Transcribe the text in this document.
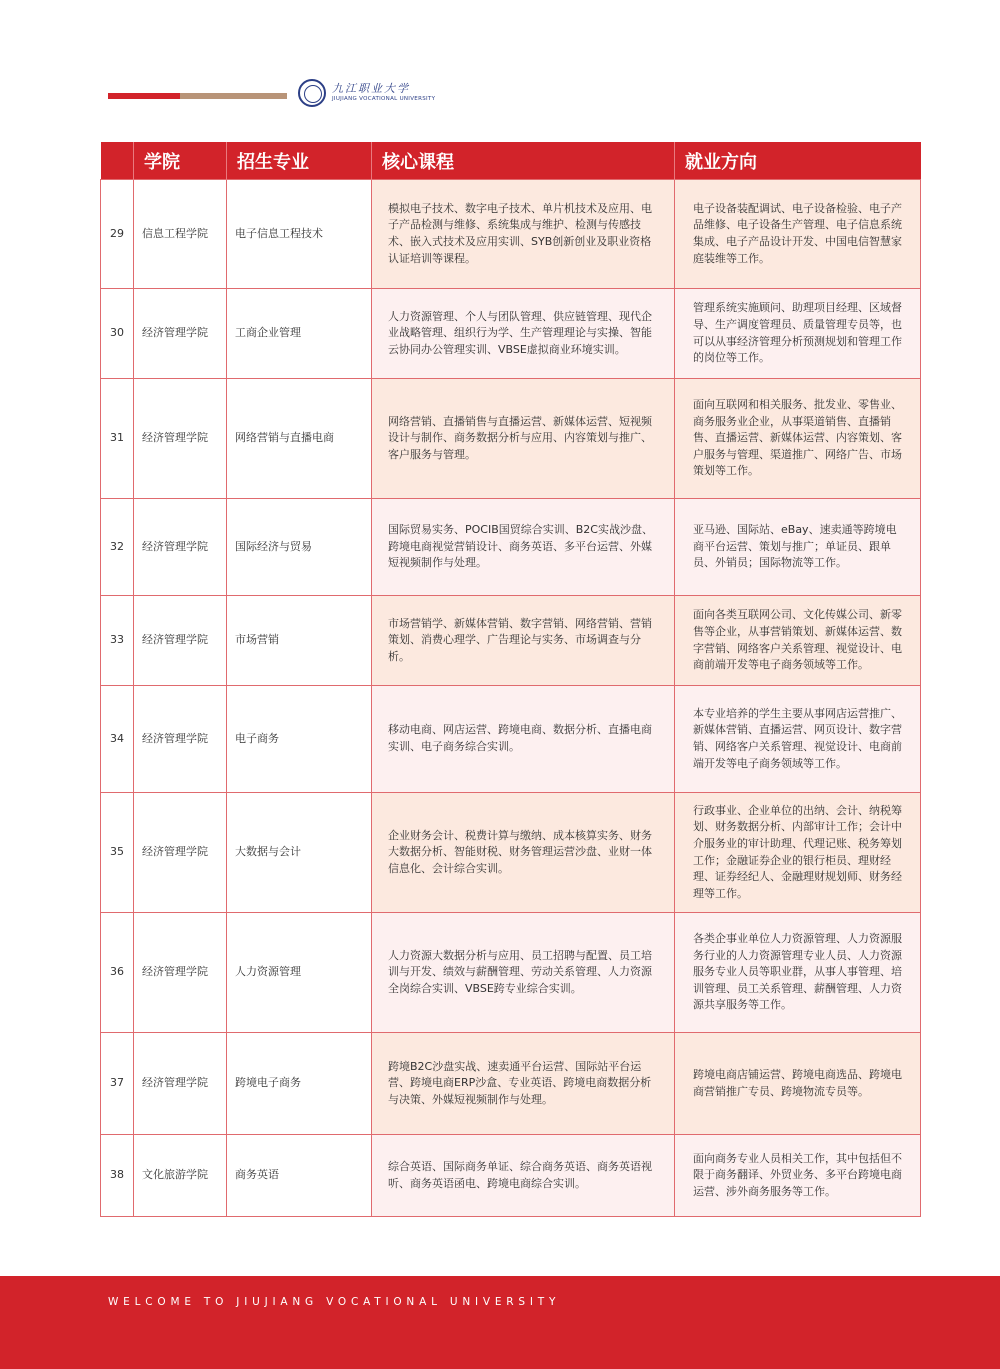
九江职业大学
JIUJIANG VOCATIONAL UNIVERSITY
	学院	招生专业	核心课程	就业方向
29	信息工程学院	电子信息工程技术	模拟电子技术、数字电子技术、单片机技术及应用、电子产品检测与维修、系统集成与维护、检测与传感技术、嵌入式技术及应用实训、SYB创新创业及职业资格认证培训等课程。	电子设备装配调试、电子设备检验、电子产品维修、电子设备生产管理、电子信息系统集成、电子产品设计开发、中国电信智慧家庭装维等工作。

30	经济管理学院	工商企业管理	人力资源管理、个人与团队管理、供应链管理、现代企业战略管理、组织行为学、生产管理理论与实操、智能云协同办公管理实训、VBSE虚拟商业环境实训。	管理系统实施顾问、助理项目经理、区域督导、生产调度管理员、质量管理专员等，也可以从事经济管理分析预测规划和管理工作的岗位等工作。

31	经济管理学院	网络营销与直播电商	网络营销、直播销售与直播运营、新媒体运营、短视频设计与制作、商务数据分析与应用、内容策划与推广、客户服务与管理。	面向互联网和相关服务、批发业、零售业、商务服务业企业，从事渠道销售、直播销售、直播运营、新媒体运营、内容策划、客户服务与管理、渠道推广、网络广告、市场策划等工作。

32	经济管理学院	国际经济与贸易	国际贸易实务、POCIB国贸综合实训、B2C实战沙盘、跨境电商视觉营销设计、商务英语、多平台运营、外媒短视频制作与处理。	亚马逊、国际站、eBay、速卖通等跨境电商平台运营、策划与推广；单证员、跟单员、外销员；国际物流等工作。

33	经济管理学院	市场营销	市场营销学、新媒体营销、数字营销、网络营销、营销策划、消费心理学、广告理论与实务、市场调查与分析。	面向各类互联网公司、文化传媒公司、新零售等企业，从事营销策划、新媒体运营、数字营销、网络客户关系管理、视觉设计、电商前端开发等电子商务领域等工作。

34	经济管理学院	电子商务	移动电商、网店运营、跨境电商、数据分析、直播电商实训、电子商务综合实训。	本专业培养的学生主要从事网店运营推广、新媒体营销、直播运营、网页设计、数字营销、网络客户关系管理、视觉设计、电商前端开发等电子商务领域等工作。

35	经济管理学院	大数据与会计	企业财务会计、税费计算与缴纳、成本核算实务、财务大数据分析、智能财税、财务管理运营沙盘、业财一体信息化、会计综合实训。	行政事业、企业单位的出纳、会计、纳税筹划、财务数据分析、内部审计工作；会计中介服务业的审计助理、代理记账、税务筹划工作；金融证券企业的银行柜员、理财经理、证券经纪人、金融理财规划师、财务经理等工作。

36	经济管理学院	人力资源管理	人力资源大数据分析与应用、员工招聘与配置、员工培训与开发、绩效与薪酬管理、劳动关系管理、人力资源全岗综合实训、VBSE跨专业综合实训。	各类企事业单位人力资源管理、人力资源服务行业的人力资源管理专业人员、人力资源服务专业人员等职业群，从事人事管理、培训管理、员工关系管理、薪酬管理、人力资源共享服务等工作。

37	经济管理学院	跨境电子商务	跨境B2C沙盘实战、速卖通平台运营、国际站平台运营、跨境电商ERP沙盒、专业英语、跨境电商数据分析与决策、外媒短视频制作与处理。	跨境电商店铺运营、跨境电商选品、跨境电商营销推广专员、跨境物流专员等。

38	文化旅游学院	商务英语	综合英语、国际商务单证、综合商务英语、商务英语视听、商务英语函电、跨境电商综合实训。	面向商务专业人员相关工作，其中包括但不限于商务翻译、外贸业务、多平台跨境电商运营、涉外商务服务等工作。
WELCOME TO JIUJIANG VOCATIONAL UNIVERSITY
